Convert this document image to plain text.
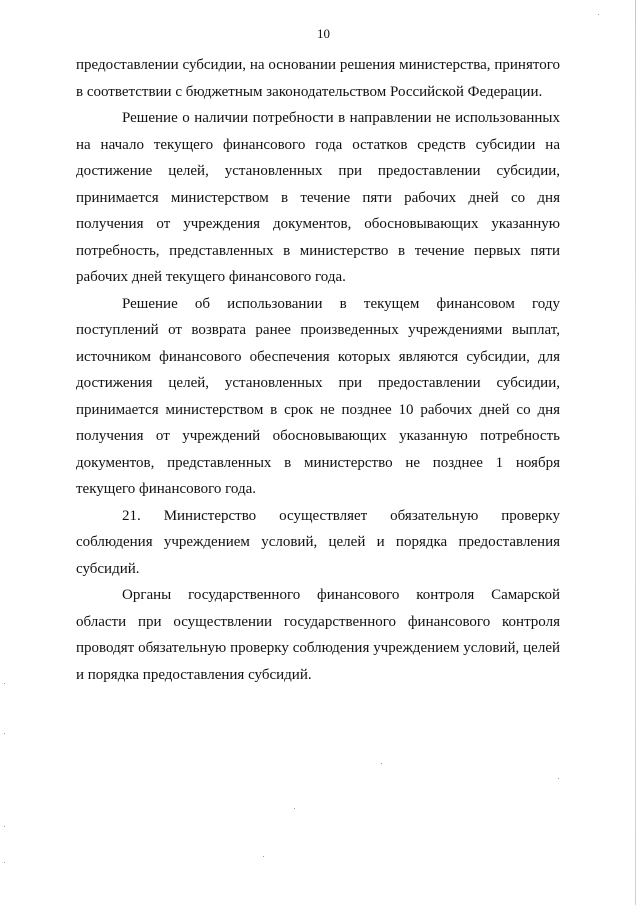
10

предоставлении субсидии, на основании решения министерства, принятого в соответствии с бюджетным законодательством Российской Федерации.

Решение о наличии потребности в направлении не использованных на начало текущего финансового года остатков средств субсидии на достижение целей, установленных при предоставлении субсидии, принимается министерством в течение пяти рабочих дней со дня получения от учреждения документов, обосновывающих указанную потребность, представленных в министерство в течение первых пяти рабочих дней текущего финансового года.

Решение об использовании в текущем финансовом году поступлений от возврата ранее произведенных учреждениями выплат, источником финансового обеспечения которых являются субсидии, для достижения целей, установленных при предоставлении субсидии, принимается министерством в срок не позднее 10 рабочих дней со дня получения от учреждений обосновывающих указанную потребность документов, представленных в министерство не позднее 1 ноября текущего финансового года.

21. Министерство осуществляет обязательную проверку соблюдения учреждением условий, целей и порядка предоставления субсидий.

Органы государственного финансового контроля Самарской области при осуществлении государственного финансового контроля проводят обязательную проверку соблюдения учреждением условий, целей и порядка предоставления субсидий.
